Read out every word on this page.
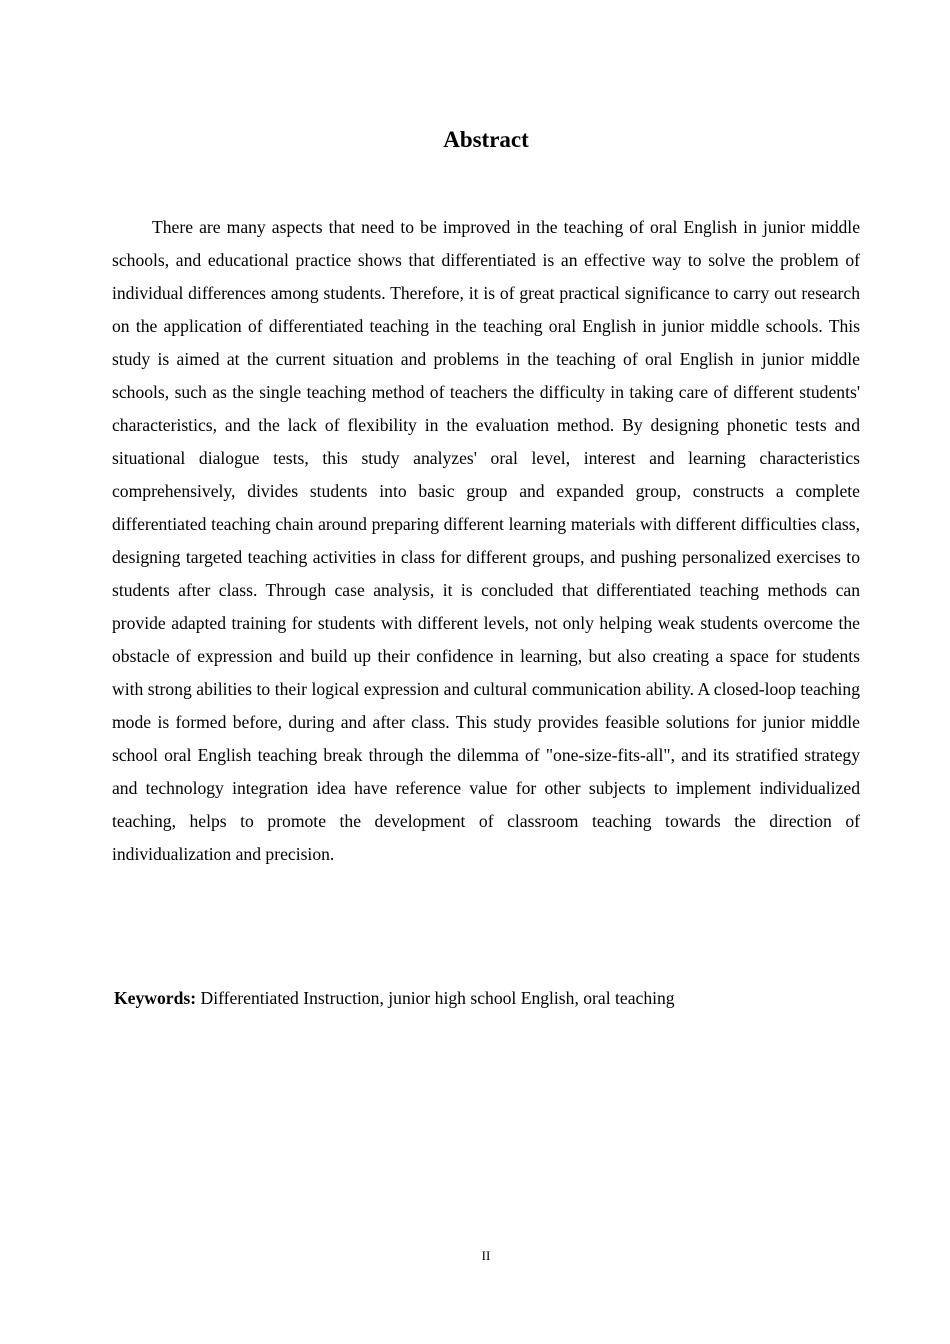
Abstract

There are many aspects that need to be improved in the teaching of oral English in junior middle schools, and educational practice shows that differentiated is an effective way to solve the problem of individual differences among students. Therefore, it is of great practical significance to carry out research on the application of differentiated teaching in the teaching oral English in junior middle schools. This study is aimed at the current situation and problems in the teaching of oral English in junior middle schools, such as the single teaching method of teachers the difficulty in taking care of different students' characteristics, and the lack of flexibility in the evaluation method. By designing phonetic tests and situational dialogue tests, this study analyzes' oral level, interest and learning characteristics comprehensively, divides students into basic group and expanded group, constructs a complete differentiated teaching chain around preparing different learning materials with different difficulties class, designing targeted teaching activities in class for different groups, and pushing personalized exercises to students after class. Through case analysis, it is concluded that differentiated teaching methods can provide adapted training for students with different levels, not only helping weak students overcome the obstacle of expression and build up their confidence in learning, but also creating a space for students with strong abilities to their logical expression and cultural communication ability. A closed-loop teaching mode is formed before, during and after class. This study provides feasible solutions for junior middle school oral English teaching break through the dilemma of "one-size-fits-all", and its stratified strategy and technology integration idea have reference value for other subjects to implement individualized teaching, helps to promote the development of classroom teaching towards the direction of individualization and precision.

Keywords: Differentiated Instruction, junior high school English, oral teaching

II
